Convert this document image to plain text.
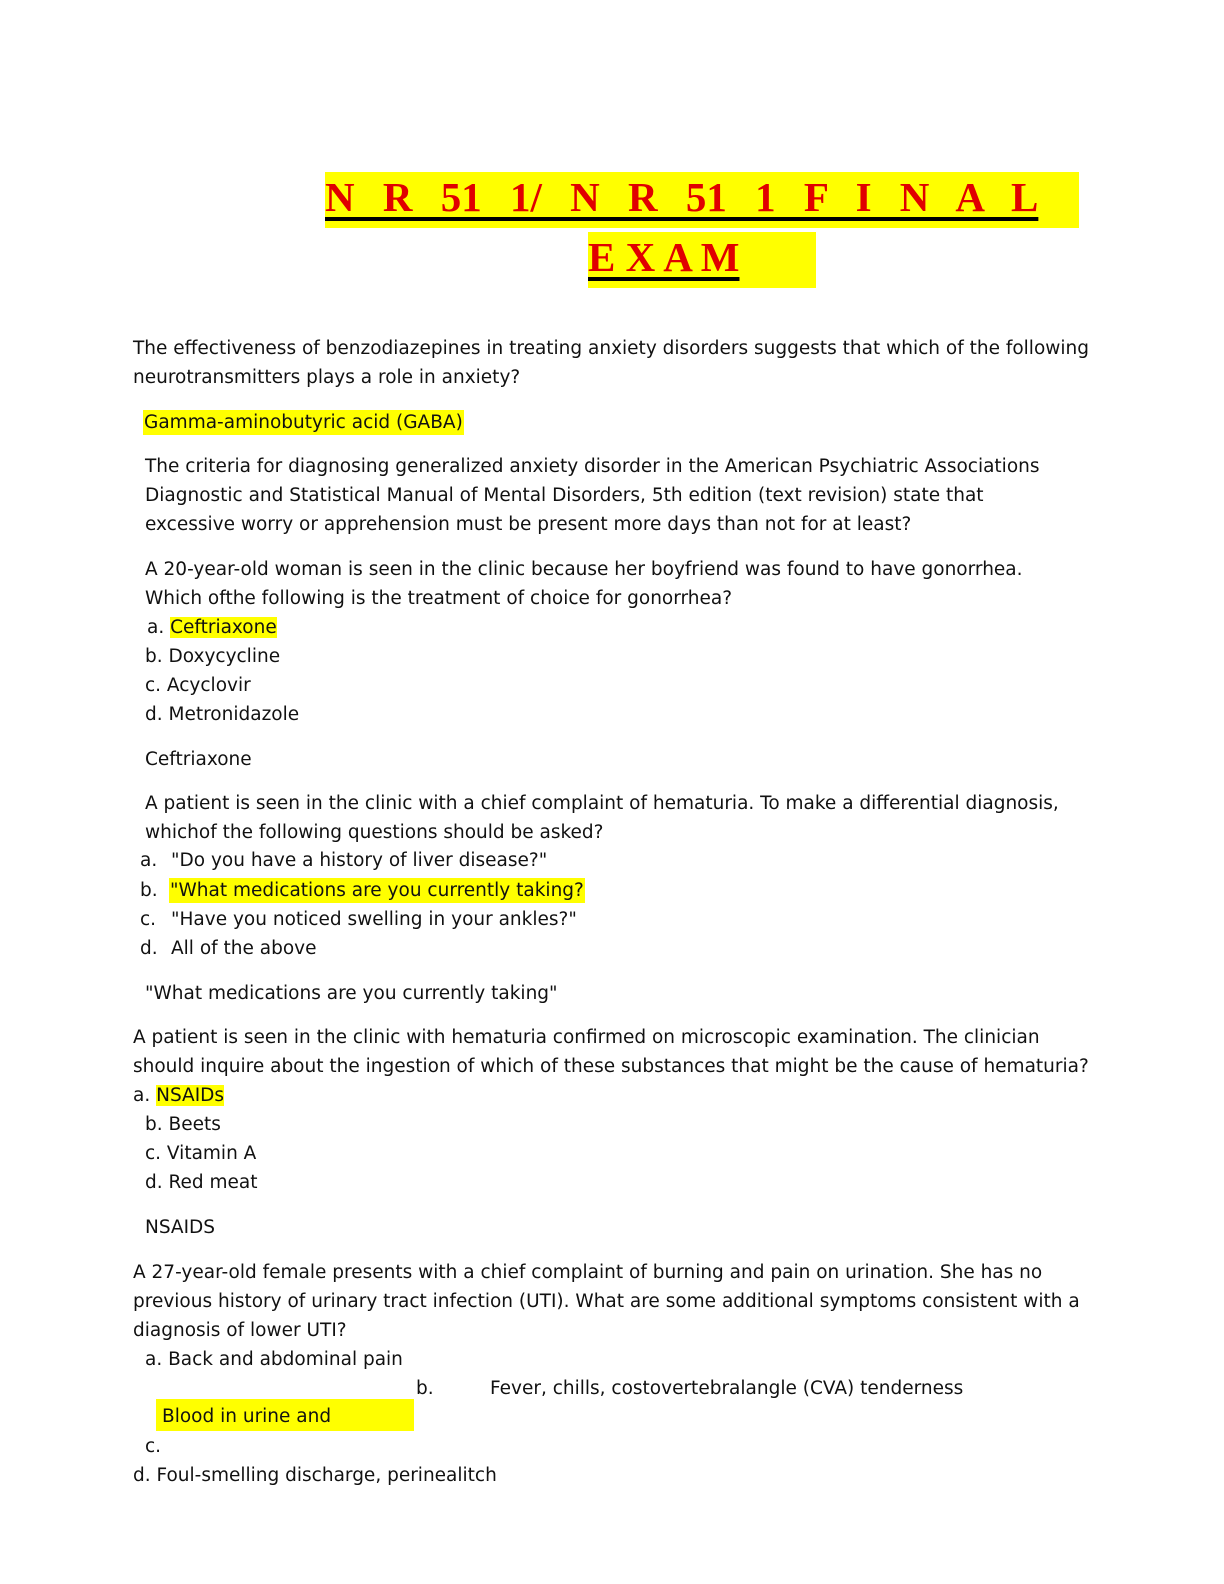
N R 51 1/ N R 51 1 F I N A L
E X A M
The effectiveness of benzodiazepines in treating anxiety disorders suggests that which of the following
neurotransmitters plays a role in anxiety?
Gamma-aminobutyric acid (GABA)
The criteria for diagnosing generalized anxiety disorder in the American Psychiatric Associations
Diagnostic and Statistical Manual of Mental Disorders, 5th edition (text revision) state that
excessive worry or apprehension must be present more days than not for at least?
A 20-year-old woman is seen in the clinic because her boyfriend was found to have gonorrhea.
Which ofthe following is the treatment of choice for gonorrhea?
a. Ceftriaxone
b. Doxycycline
c. Acyclovir
d. Metronidazole
Ceftriaxone
A patient is seen in the clinic with a chief complaint of hematuria. To make a differential diagnosis,
whichof the following questions should be asked?
a. "Do you have a history of liver disease?"
b. "What medications are you currently taking?
c. "Have you noticed swelling in your ankles?"
d. All of the above
"What medications are you currently taking"
A patient is seen in the clinic with hematuria confirmed on microscopic examination. The clinician
should inquire about the ingestion of which of these substances that might be the cause of hematuria?
a. NSAIDs
b. Beets
c. Vitamin A
d. Red meat
NSAIDS
A 27-year-old female presents with a chief complaint of burning and pain on urination. She has no
previous history of urinary tract infection (UTI). What are some additional symptoms consistent with a
diagnosis of lower UTI?
a. Back and abdominal pain
b.	Fever, chills, costovertebralangle (CVA) tenderness
Blood in urine and
c.
d. Foul-smelling discharge, perinealitch
